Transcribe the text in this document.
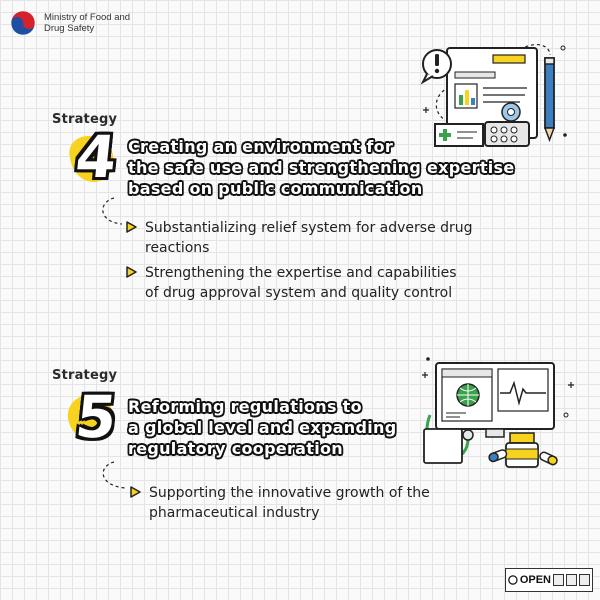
Ministry of Food and
Drug Safety
Strategy
4 Creating an environment for
the safe use and strengthening expertise
based on public communication
Substantializing relief system for adverse drug
reactions
Strengthening the expertise and capabilities
of drug approval system and quality control
Strategy
5 Reforming regulations to
a global level and expanding
regulatory cooperation
Supporting the innovative growth of the
pharmaceutical industry
OPEN
